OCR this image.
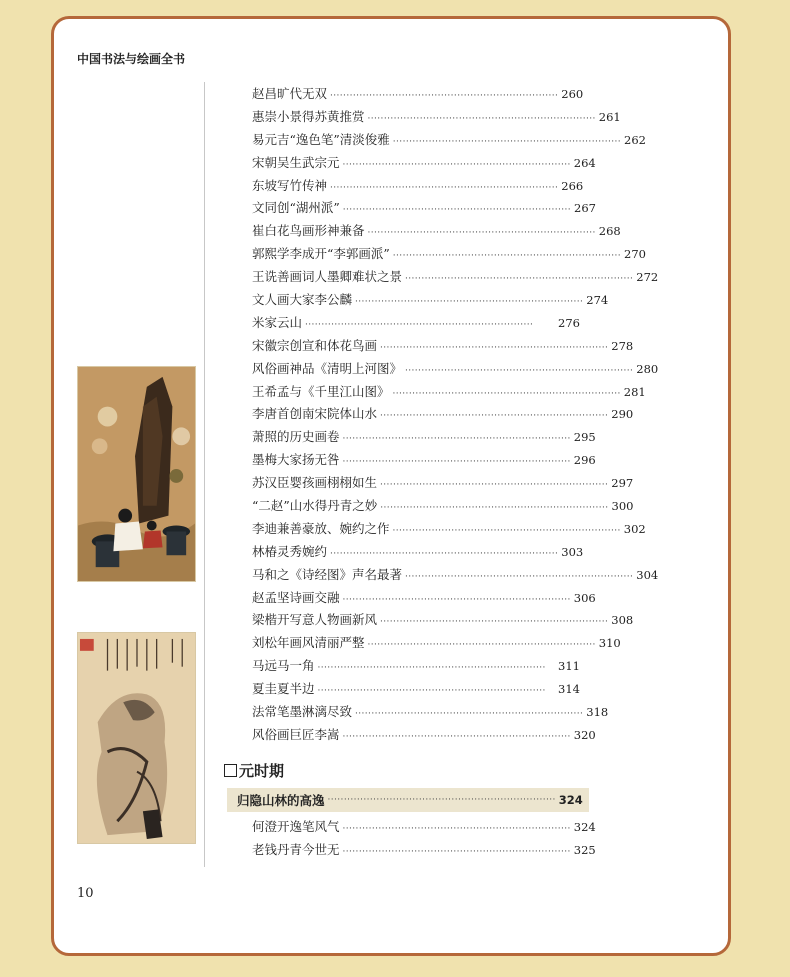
中国书法与绘画全书
赵昌旷代无双 ······································································ 260
惠崇小景得苏黄推赏 ······································································ 261
易元吉“逸色笔”清淡俊雅 ······································································ 262
宋朝吴生武宗元 ······································································ 264
东坡写竹传神 ······································································ 266
文同创“湖州派” ······································································ 267
崔白花鸟画形神兼备 ······································································ 268
郭熙学李成开“李郭画派” ······································································ 270
王诜善画词人墨卿难状之景 ······································································ 272
文人画大家李公麟 ······································································ 274
米家云山 ······································································	276
宋徽宗创宣和体花鸟画 ······································································ 278
风俗画神品《清明上河图》 ······································································ 280
王希孟与《千里江山图》 ······································································ 281
李唐首创南宋院体山水 ······································································ 290
萧照的历史画卷 ······································································ 295
墨梅大家扬无咎 ······································································ 296
苏汉臣婴孩画栩栩如生 ······································································ 297
“二赵”山水得丹青之妙 ······································································ 300
李迪兼善豪放、婉约之作 ······································································ 302
林椿灵秀婉约 ······································································ 303
马和之《诗经图》声名最著 ······································································ 304
赵孟坚诗画交融 ······································································ 306
梁楷开写意人物画新风 ······································································ 308
刘松年画风清丽严整 ······································································ 310
马远马一角 ······································································	311
夏圭夏半边 ······································································	314
法常笔墨淋漓尽致 ······································································ 318
风俗画巨匠李嵩 ······································································ 320
元时期
归隐山林的高逸 ······································································ 324
何澄开逸笔风气 ······································································ 324
老钱丹青今世无 ······································································ 325
10
